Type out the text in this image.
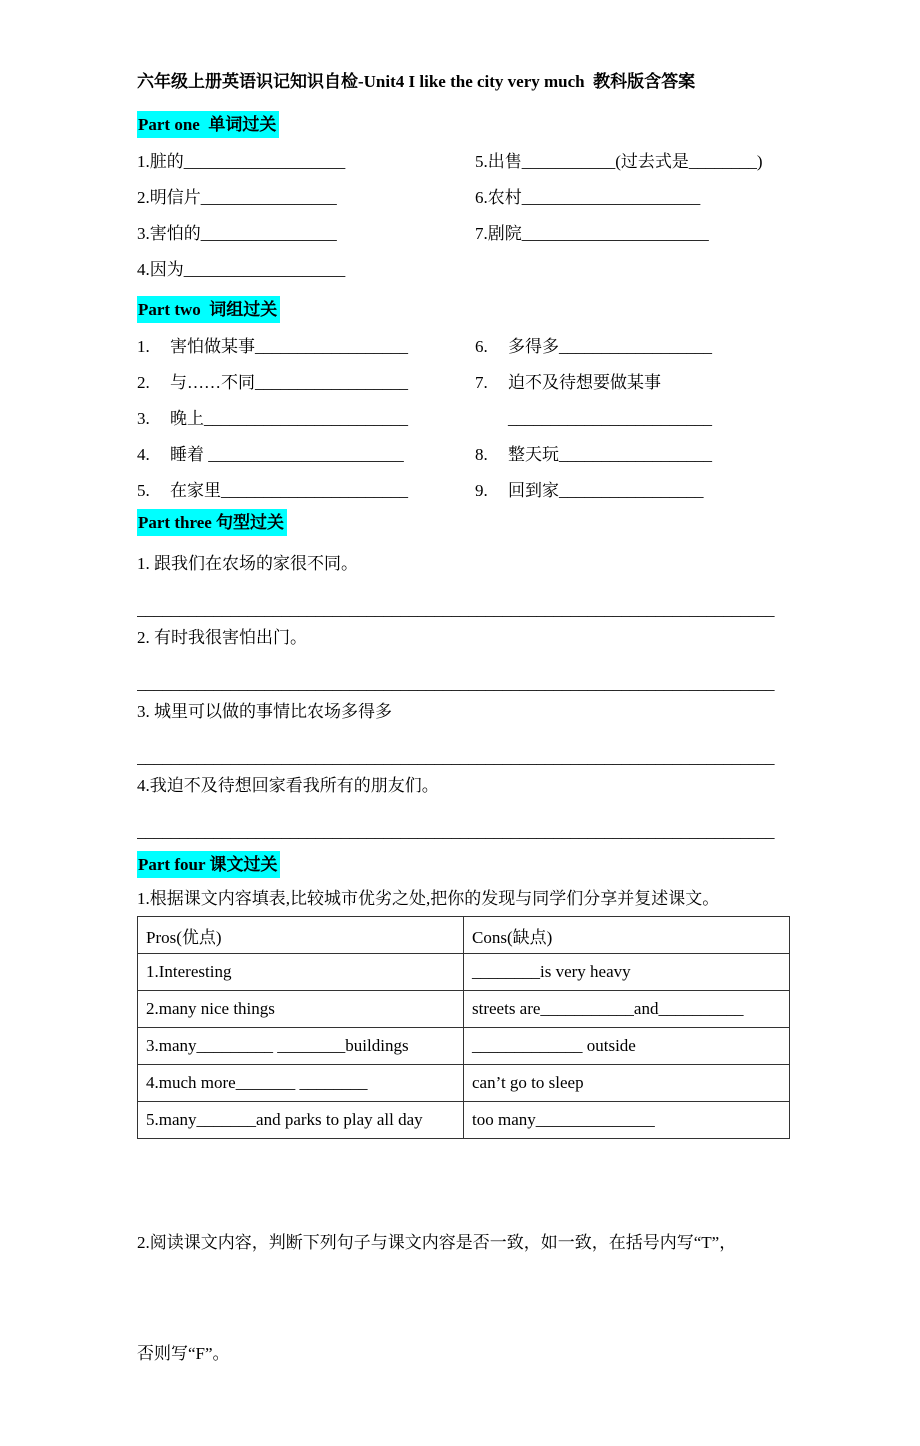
六年级上册英语识记知识自检-Unit4 I like the city very much  教科版含答案
Part one  单词过关
1.脏的___________________
2.明信片________________
3.害怕的________________
4.因为___________________
5.出售___________(过去式是________)
6.农村_____________________
7.剧院______________________
Part two  词组过关
1. 害怕做某事__________________
2. 与……不同__________________
3. 晚上________________________
4. 睡着 _______________________
5. 在家里______________________
6. 多得多__________________
7. 迫不及待想要做某事
________________________
8. 整天玩__________________
9. 回到家_________________
Part three 句型过关
1. 跟我们在农场的家很不同。
___________________________________________________________________________
2. 有时我很害怕出门。
___________________________________________________________________________
3. 城里可以做的事情比农场多得多
___________________________________________________________________________
4.我迫不及待想回家看我所有的朋友们。
___________________________________________________________________________
Part four 课文过关
1.根据课文内容填表,比较城市优劣之处,把你的发现与同学们分享并复述课文。
Pros(优点)	Cons(缺点)
1.Interesting	________is very heavy
2.many nice things	streets are___________and__________
3.many_________ ________buildings	_____________ outside
4.much more_______ ________	can’t go to sleep
5.many_______and parks to play all day	too many______________

2.阅读课文内容，判断下列句子与课文内容是否一致，如一致，在括号内写“T”，

否则写“F”。
